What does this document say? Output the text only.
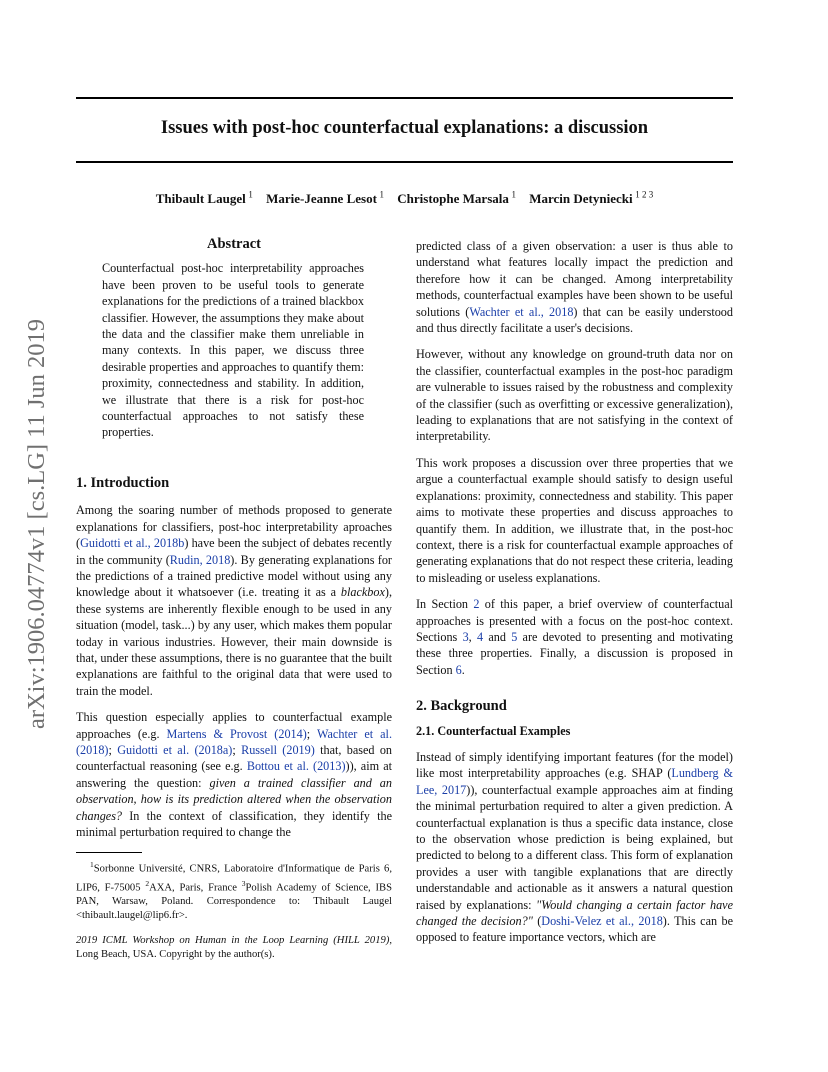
Issues with post-hoc counterfactual explanations: a discussion
Thibault Laugel  $^1$ Marie-Jeanne Lesot  $^1$ Christophe Marsala  $^1$ Marcin Detyniecki  $^{1 2 3}$
arXiv:1906.04774v1 [cs.LG] 11 Jun 2019
Abstract

Counterfactual post-hoc interpretability approaches have been proven to be useful tools to generate explanations for the predictions of a trained blackbox classifier. However, the assumptions they make about the data and the classifier make them unreliable in many contexts. In this paper, we discuss three desirable properties and approaches to quantify them: proximity, connectedness and stability. In addition, we illustrate that there is a risk for post-hoc counterfactual approaches to not satisfy these properties.

1. Introduction

Among the soaring number of methods proposed to generate explanations for classifiers, post-hoc interpretability aproaches (Guidotti et al., 2018b) have been the subject of debates recently in the community (Rudin, 2018). By generating explanations for the predictions of a trained predictive model without using any knowledge about it whatsoever (i.e. treating it as a blackbox), these systems are inherently flexible enough to be used in any situation (model, task...) by any user, which makes them popular today in various industries. However, their main downside is that, under these assumptions, there is no guarantee that the built explanations are faithful to the original data that were used to train the model.

This question especially applies to counterfactual example approaches (e.g. Martens & Provost (2014); Wachter et al. (2018); Guidotti et al. (2018a); Russell (2019) that, based on counterfactual reasoning (see e.g. Bottou et al. (2013))), aim at answering the question: given a trained classifier and an observation, how is its prediction altered when the observation changes? In the context of classification, they identify the minimal perturbation required to change the

$^1$Sorbonne Université, CNRS, Laboratoire d'Informatique de Paris 6, LIP6, F-75005 $^2$AXA, Paris, France $^3$Polish Academy of Science, IBS PAN, Warsaw, Poland. Correspondence to: Thibault Laugel <thibault.laugel@lip6.fr>.

2019 ICML Workshop on Human in the Loop Learning (HILL 2019), Long Beach, USA. Copyright by the author(s).

predicted class of a given observation: a user is thus able to understand what features locally impact the prediction and therefore how it can be changed. Among interpretability methods, counterfactual examples have been shown to be useful solutions (Wachter et al., 2018) that can be easily understood and thus directly facilitate a user's decisions.

However, without any knowledge on ground-truth data nor on the classifier, counterfactual examples in the post-hoc paradigm are vulnerable to issues raised by the robustness and complexity of the classifier (such as overfitting or excessive generalization), leading to explanations that are not satisfying in the context of interpretability.

This work proposes a discussion over three properties that we argue a counterfactual example should satisfy to design useful explanations: proximity, connectedness and stability. This paper aims to motivate these properties and discuss approaches to quantify them. In addition, we illustrate that, in the post-hoc context, there is a risk for counterfactual example approaches of generating explanations that do not respect these criteria, leading to misleading or useless explanations.

In Section 2 of this paper, a brief overview of counterfactual approaches is presented with a focus on the post-hoc context. Sections 3, 4 and 5 are devoted to presenting and motivating these three properties. Finally, a discussion is proposed in Section 6.

2. Background
2.1. Counterfactual Examples

Instead of simply identifying important features (for the model) like most interpretability approaches (e.g. SHAP (Lundberg & Lee, 2017)), counterfactual example approaches aim at finding the minimal perturbation required to alter a given prediction. A counterfactual explanation is thus a specific data instance, close to the observation whose prediction is being explained, but predicted to belong to a different class. This form of explanation provides a user with tangible explanations that are directly understandable and actionable as it answers a natural question raised by explanations: "Would changing a certain factor have changed the decision?" (Doshi-Velez et al., 2018). This can be opposed to feature importance vectors, which are
